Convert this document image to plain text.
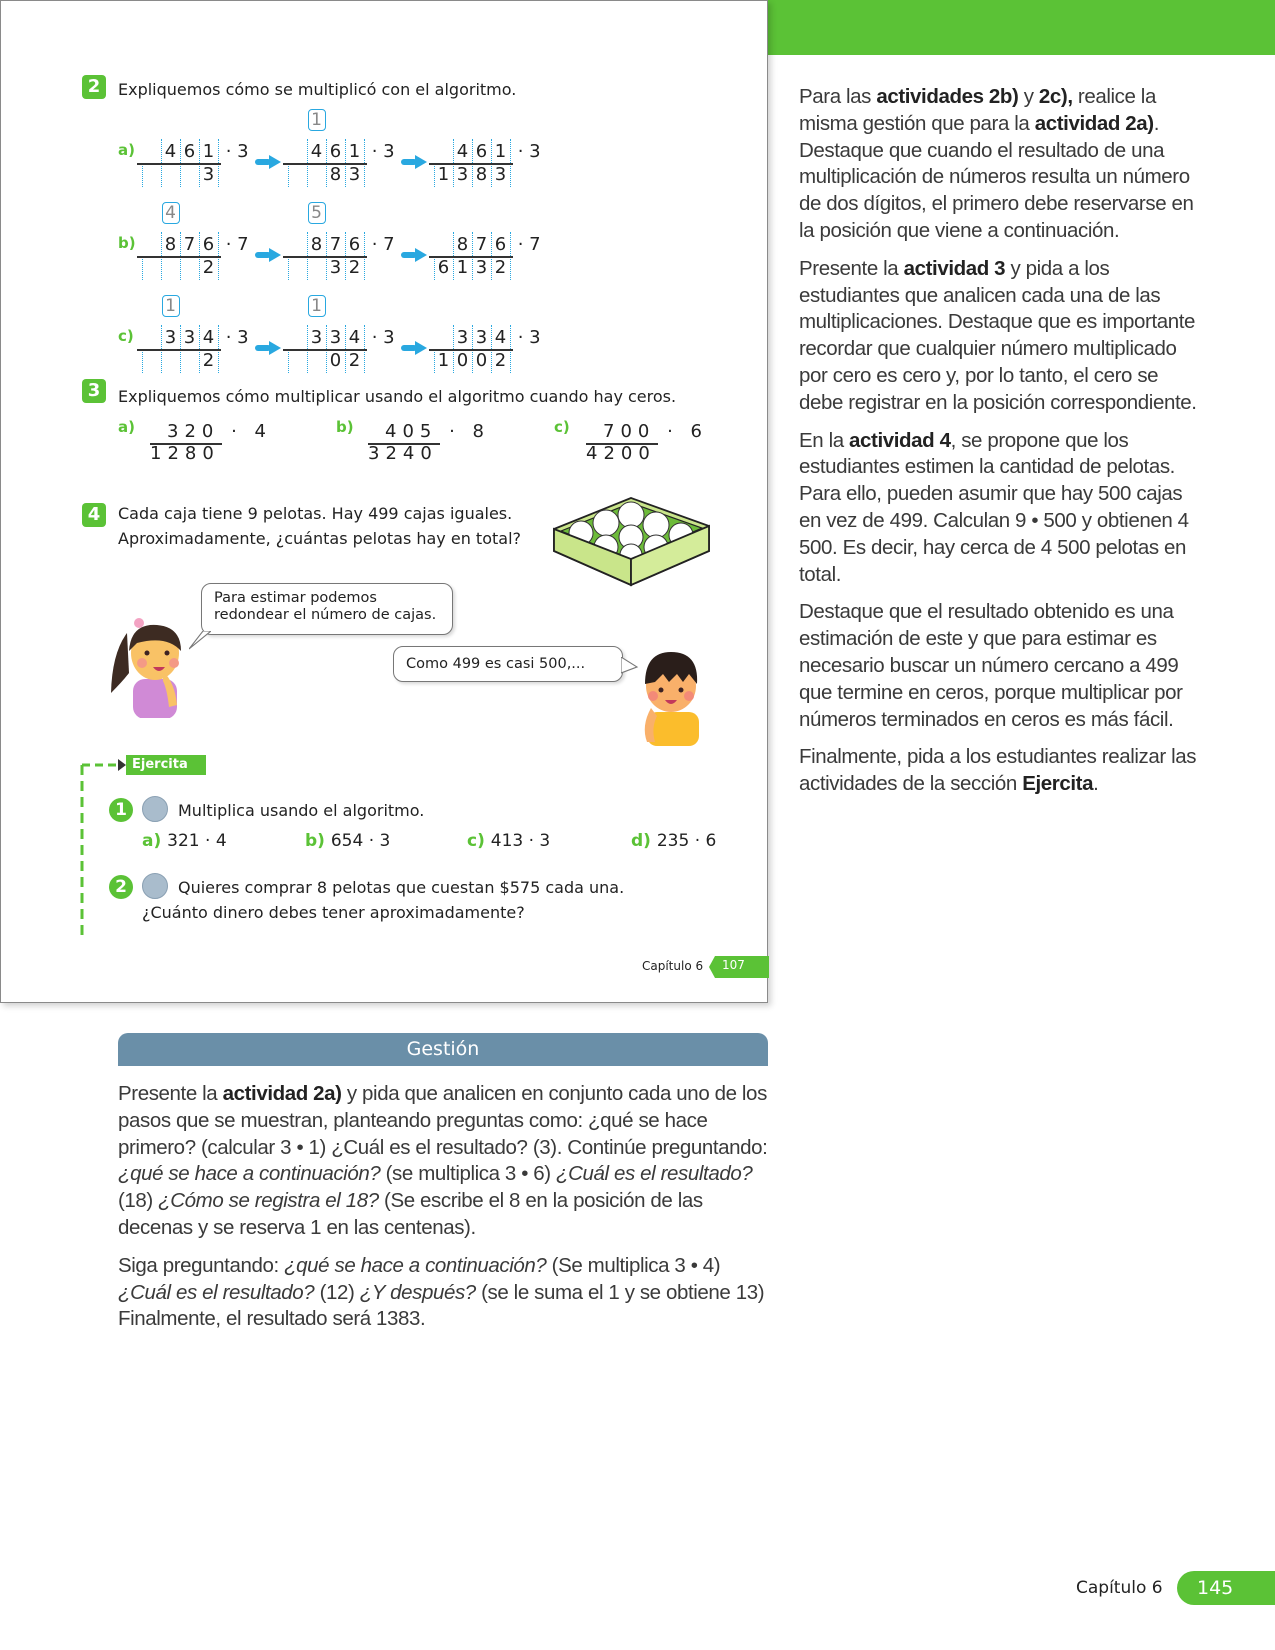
2	Expliquemos cómo se multiplicó con el algoritmo.
a) 4 6 1 · 3
3
4 6 1 · 3
8 3
1
4 6 1 · 3
1 3 8 3
b) 8 7 6 · 7
2
4
8 7 6 · 7
3 2
5
8 7 6 · 7
6 1 3 2
c) 3 3 4 · 3
2
1
3 3 4 · 3
0 2
1
3 3 4 · 3
1 0 0 2
3	Expliquemos cómo multiplicar usando el algoritmo cuando hay ceros.
a) 320 · 4
1280
b) 405 · 8
3240
c) 700 · 6
4200
4	Cada caja tiene 9 pelotas. Hay 499 cajas iguales.
Aproximadamente, ¿cuántas pelotas hay en total?
Para estimar podemos
redondear el número de cajas.
Como 499 es casi 500,...
Ejercita
1	Multiplica usando el algoritmo.
a) 321 · 4	b) 654 · 3	c) 413 · 3	d) 235 · 6
2	Quieres comprar 8 pelotas que cuestan $575 cada una.
¿Cuánto dinero debes tener aproximadamente?
Capítulo 6 107

Para las actividades 2b) y 2c), realice la misma gestión que para la actividad 2a). Destaque que cuando el resultado de una multiplicación de números resulta un número de dos dígitos, el primero debe reservarse en la posición que viene a continuación.

Presente la actividad 3 y pida a los estudiantes que analicen cada una de las multiplicaciones. Destaque que es importante recordar que cualquier número multiplicado por cero es cero y, por lo tanto, el cero se debe registrar en la posición correspondiente.

En la actividad 4, se propone que los estudiantes estimen la cantidad de pelotas. Para ello, pueden asumir que hay 500 cajas en vez de 499. Calculan 9 • 500 y obtienen 4 500. Es decir, hay cerca de 4 500 pelotas en total.

Destaque que el resultado obtenido es una estimación de este y que para estimar es necesario buscar un número cercano a 499 que termine en ceros, porque multiplicar por números terminados en ceros es más fácil.

Finalmente, pida a los estudiantes realizar las actividades de la sección Ejercita.

Gestión

Presente la actividad 2a) y pida que analicen en conjunto cada uno de los pasos que se muestran, planteando preguntas como: ¿qué se hace primero? (calcular 3 • 1) ¿Cuál es el resultado? (3). Continúe preguntando: ¿qué se hace a continuación? (se multiplica 3 • 6) ¿Cuál es el resultado? (18) ¿Cómo se registra el 18? (Se escribe el 8 en la posición de las decenas y se reserva 1 en las centenas).

Siga preguntando: ¿qué se hace a continuación? (Se multiplica 3 • 4) ¿Cuál es el resultado? (12) ¿Y después? (se le suma el 1 y se obtiene 13) Finalmente, el resultado será 1383.

Capítulo 6	145
